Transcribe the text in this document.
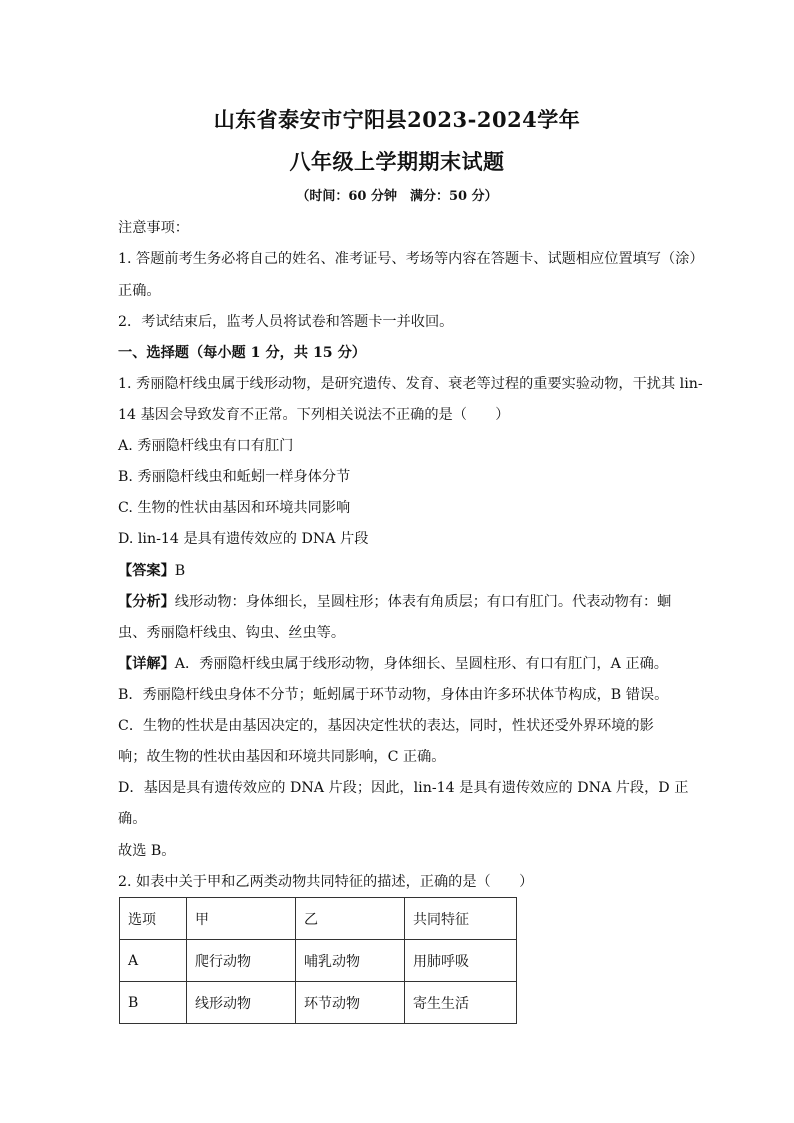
山东省泰安市宁阳县2023-2024学年
八年级上学期期末试题
（时间：60 分钟　满分：50 分）
注意事项：
1. 答题前考生务必将自己的姓名、准考证号、考场等内容在答题卡、试题相应位置填写（涂）
正确。
2．考试结束后，监考人员将试卷和答题卡一并收回。
一、选择题（每小题 1 分，共 15 分）
1. 秀丽隐杆线虫属于线形动物，是研究遗传、发育、衰老等过程的重要实验动物，干扰其 lin-
14 基因会导致发育不正常。下列相关说法不正确的是（　　）
A. 秀丽隐杆线虫有口有肛门
B. 秀丽隐杆线虫和蚯蚓一样身体分节
C. 生物的性状由基因和环境共同影响
D. lin-14 是具有遗传效应的 DNA 片段
【答案】B
【分析】线形动物：身体细长，呈圆柱形；体表有角质层；有口有肛门。代表动物有：蛔
虫、秀丽隐杆线虫、钩虫、丝虫等。
【详解】A．秀丽隐杆线虫属于线形动物，身体细长、呈圆柱形、有口有肛门，A 正确。
B．秀丽隐杆线虫身体不分节；蚯蚓属于环节动物，身体由许多环状体节构成，B 错误。
C．生物的性状是由基因决定的，基因决定性状的表达，同时，性状还受外界环境的影
响；故生物的性状由基因和环境共同影响，C 正确。
D．基因是具有遗传效应的 DNA 片段；因此，lin-14 是具有遗传效应的 DNA 片段，D 正
确。
故选 B。
2. 如表中关于甲和乙两类动物共同特征的描述，正确的是（　　）
选项	甲	乙	共同特征
A	爬行动物	哺乳动物	用肺呼吸
B	线形动物	环节动物	寄生生活
